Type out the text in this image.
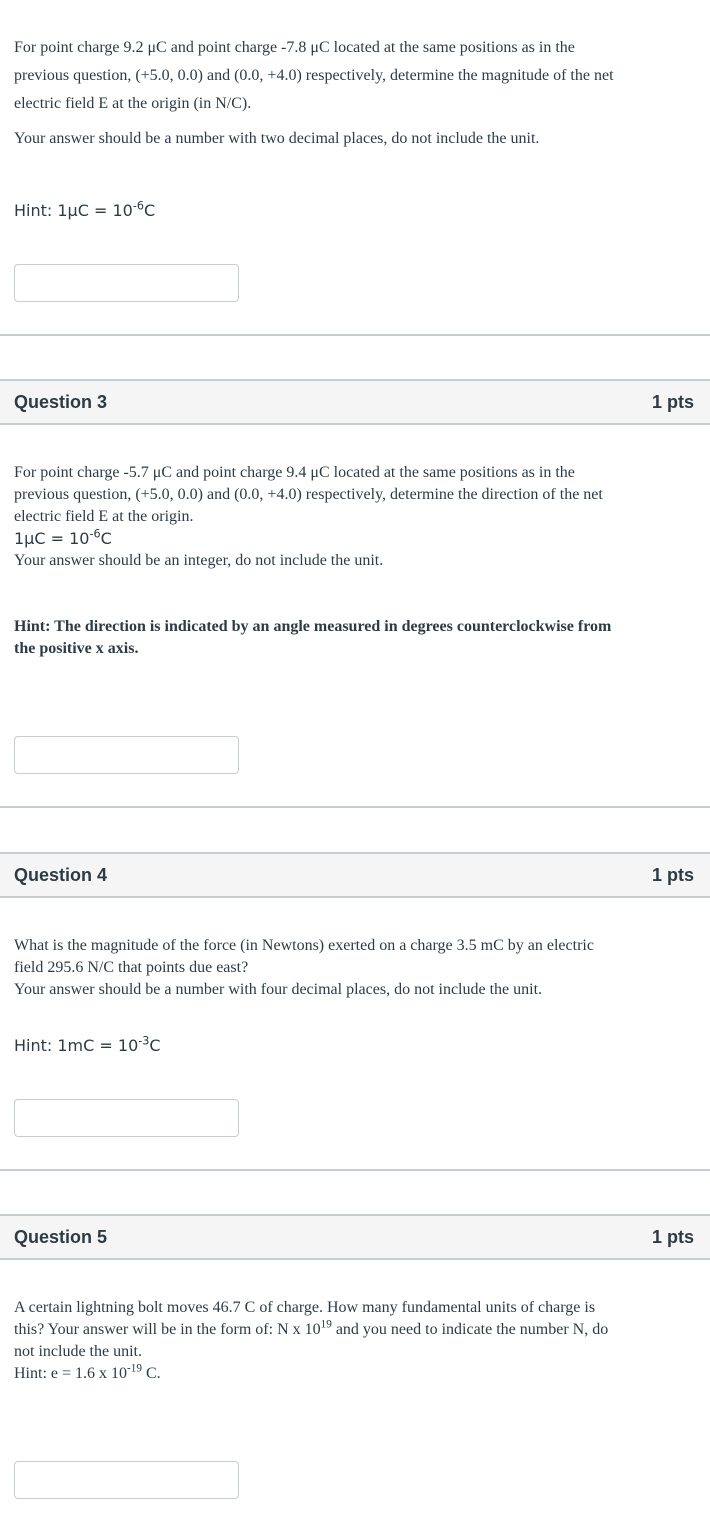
For point charge 9.2 μC and point charge -7.8 μC located at the same positions as in the
previous question, (+5.0, 0.0) and (0.0, +4.0) respectively, determine the magnitude of the net
electric field E at the origin (in N/C).
Your answer should be a number with two decimal places, do not include the unit.
Hint: $1\mu C = 10^{-6}C$
Question 3	1 pts
For point charge -5.7 μC and point charge 9.4 μC located at the same positions as in the
previous question, (+5.0, 0.0) and (0.0, +4.0) respectively, determine the direction of the net
electric field E at the origin.
$1\mu C = 10^{-6}C$
Your answer should be an integer, do not include the unit.
Hint: The direction is indicated by an angle measured in degrees counterclockwise from
the positive x axis.
Question 4	1 pts
What is the magnitude of the force (in Newtons) exerted on a charge 3.5 mC by an electric
field 295.6 N/C that points due east?
Your answer should be a number with four decimal places, do not include the unit.
Hint: $1mC = 10^{-3}C$
Question 5	1 pts
A certain lightning bolt moves 46.7 C of charge. How many fundamental units of charge is
this? Your answer will be in the form of: N x $10^{19}$ and you need to indicate the number N, do
not include the unit.
Hint: e = 1.6 x $10^{-19}$ C.
